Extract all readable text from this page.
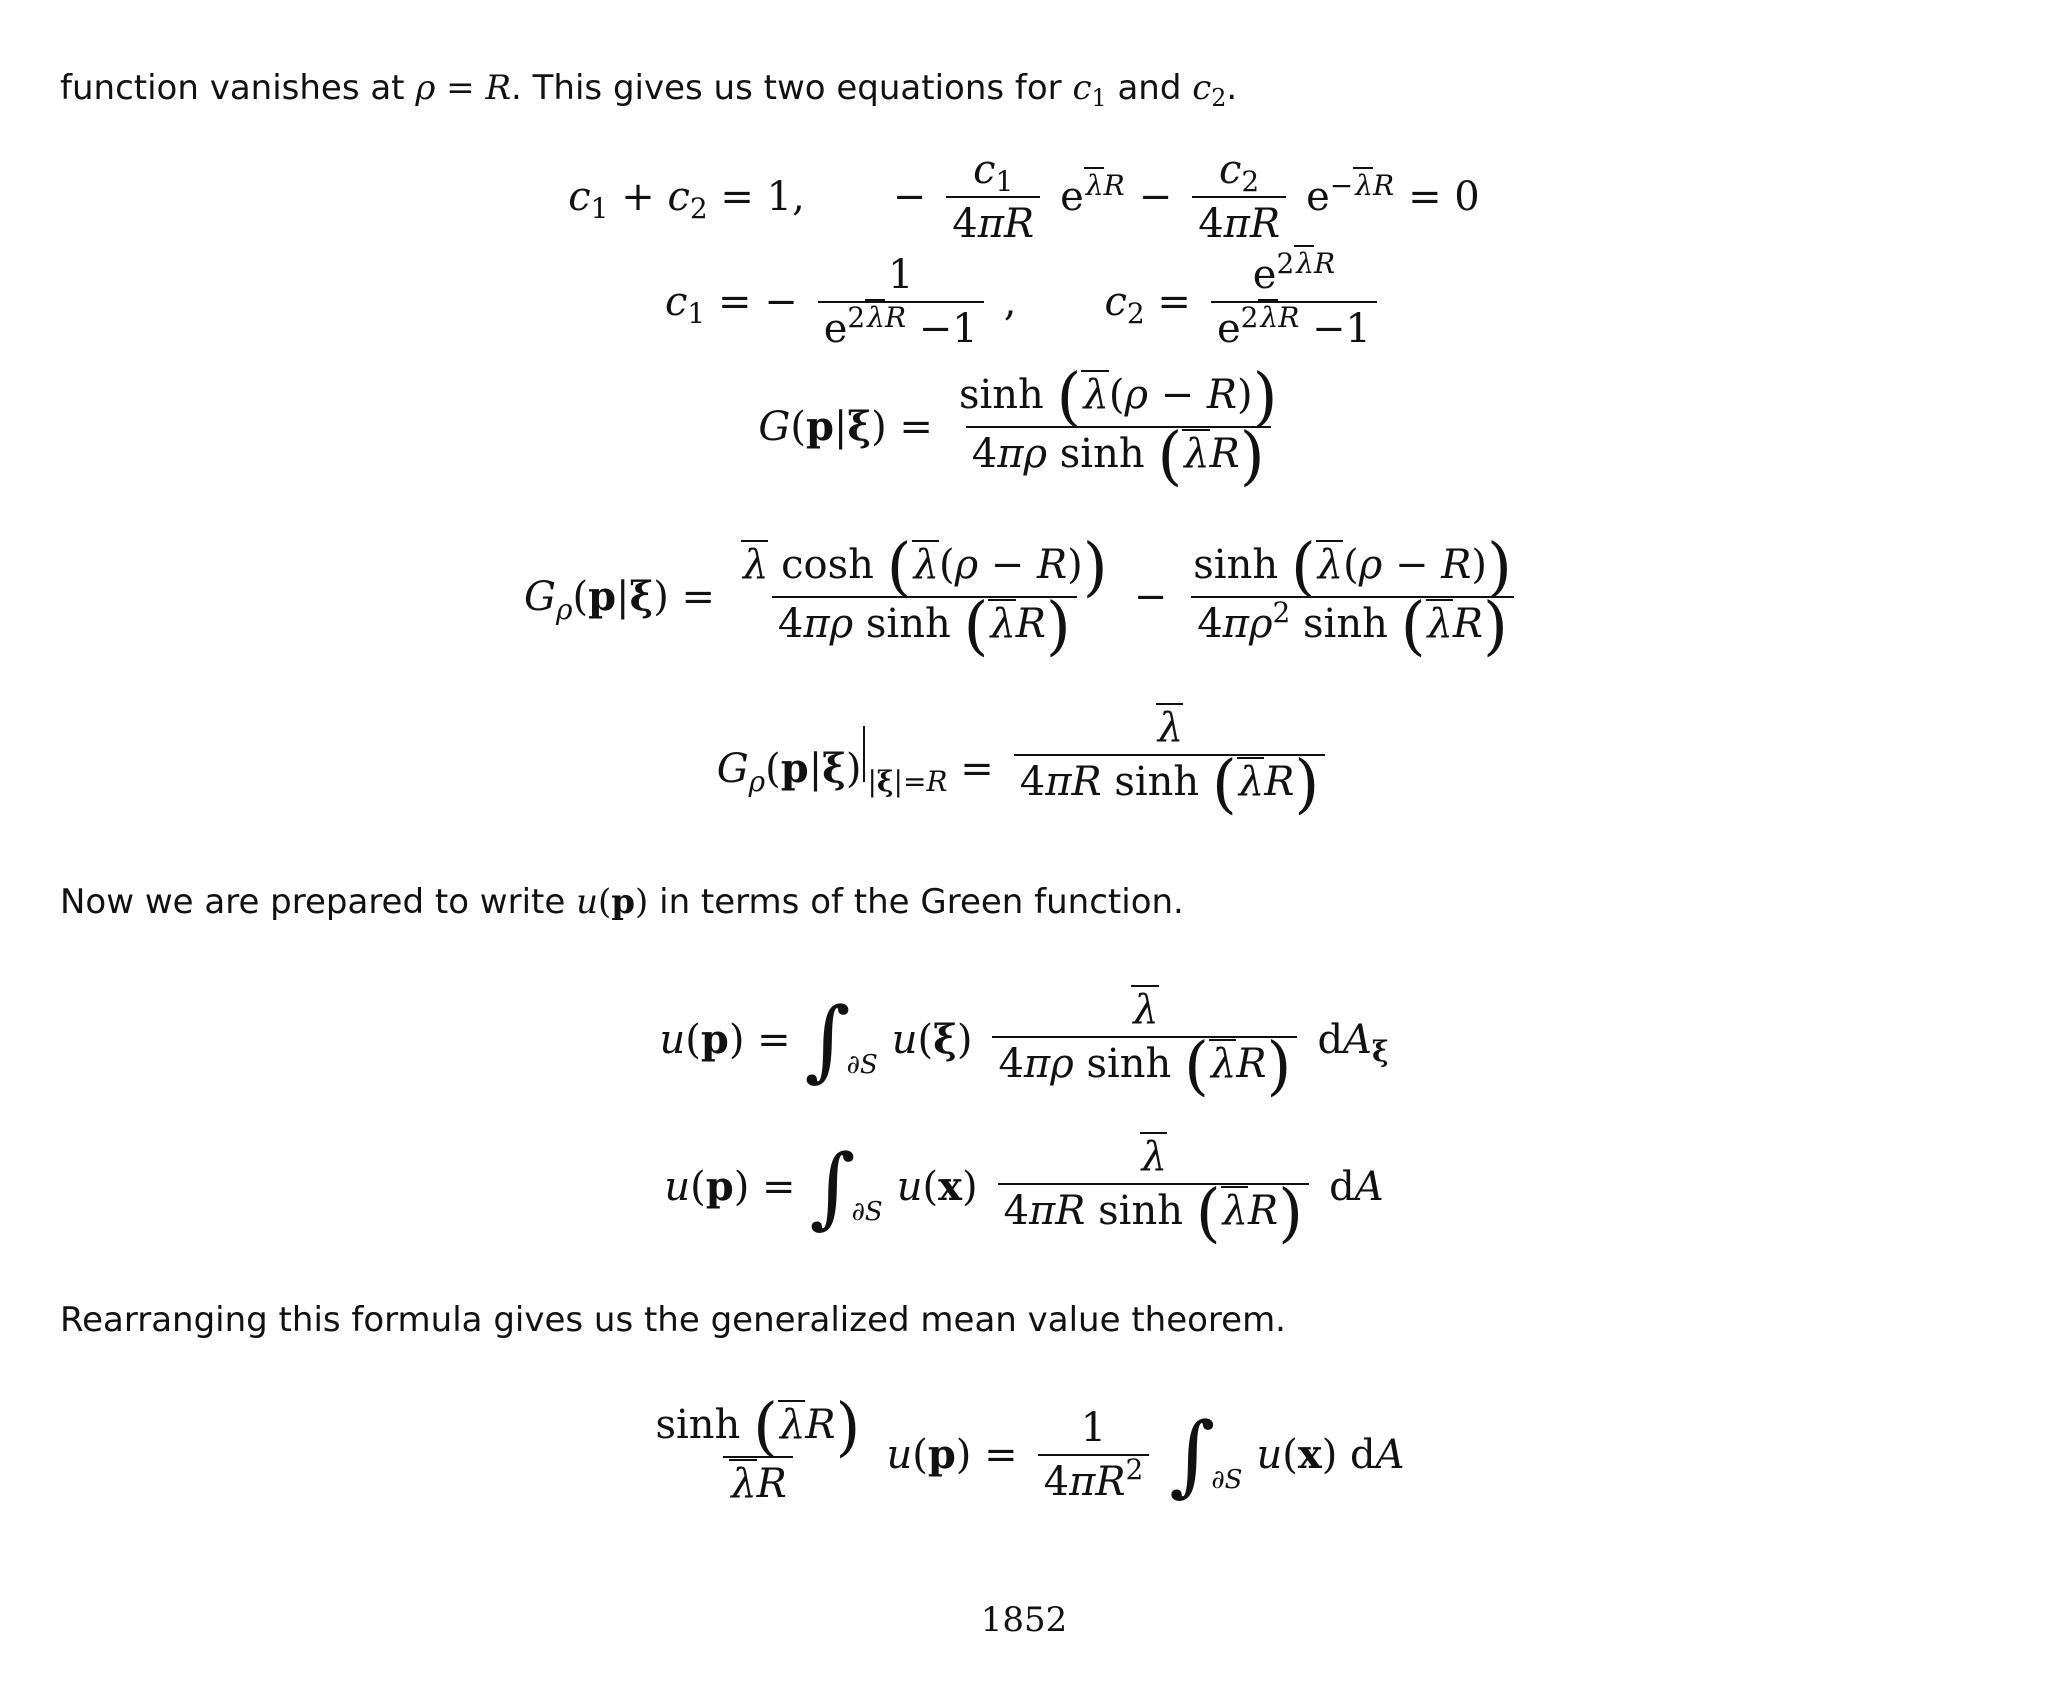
function vanishes at ρ = R. This gives us two equations for $c_1$ and $c_2$.
$c_1 + c_2 = 1$, − $\frac{c_1}{4\pi R} e^{\lambda R} - \frac{c_2}{4\pi R} e^{-\lambda R} = 0$
$c_1$ = − $\frac{1}{e^{2\lambda R} -1}$ , $c_2 = \frac{e^{2\lambda R}}{e^{2\lambda R} -1}$
$G(p|\xi) = \frac{\sinh (\lambda(\rho - R))}{\text{4πρ sinh (λR)}}$
$G_\rho(p|\xi) = \frac{\text{λ cosh (λ(ρ − R))}}{\text{4πρ sinh (λR)}} - \frac{\sinh (\lambda(\rho - R))}{4\pi\rho^2 \sinh (\lambda R)}$
$G_\rho(p|\xi) _{|\xi|=R} = \frac{\lambda}{\text{4πR sinh (λR)}}$
Now we are prepared to write u(p) in terms of the Green function.
$u(p) = \int_{\partial S}$
$u(\xi) \frac{\lambda}{\text{4πρ sinh (λR)}} dA_\xi$
$u(p) = \int_{\partial S}$
$u(x) \frac{\lambda}{\text{4πR sinh (λR)}}$ dA
Rearranging this formula gives us the generalized mean value theorem.
$\frac{\sinh (\lambda R)}{\lambda R} u(p) = \frac{1}{4\pi R^2} \int_{\partial S}$
u(x) dA
1852
